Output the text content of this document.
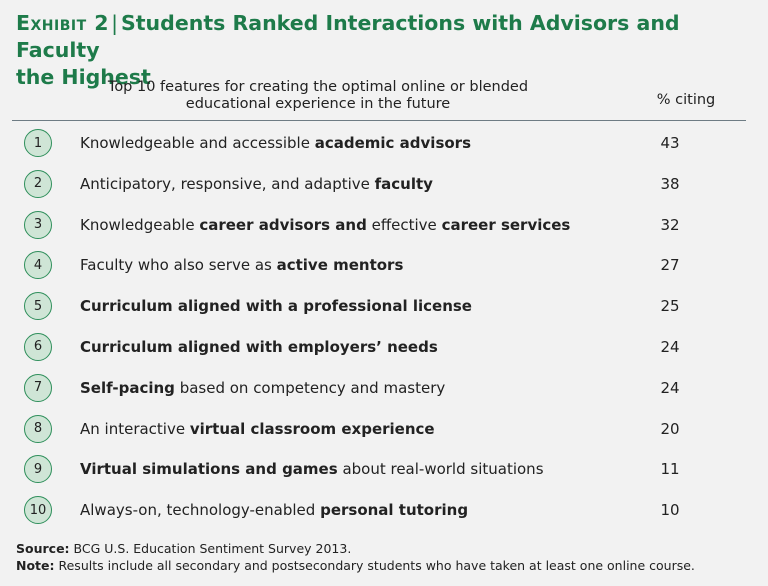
Exhibit 2| Students Ranked Interactions with Advisors and Faculty
the Highest
Top 10 features for creating the optimal online or blended educational experience in the future	% citing
1	Knowledgeable and accessible academic advisors	43
2	Anticipatory, responsive, and adaptive faculty	38
3	Knowledgeable career advisors and effective career services	32
4	Faculty who also serve as active mentors	27
5	Curriculum aligned with a professional license	25
6	Curriculum aligned with employers’ needs	24
7	Self-pacing based on competency and mastery	24
8	An interactive virtual classroom experience	20
9	Virtual simulations and games about real-world situations	11
10	Always-on, technology-enabled personal tutoring	10
Source: BCG U.S. Education Sentiment Survey 2013.
Note: Results include all secondary and postsecondary students who have taken at least one online course.
